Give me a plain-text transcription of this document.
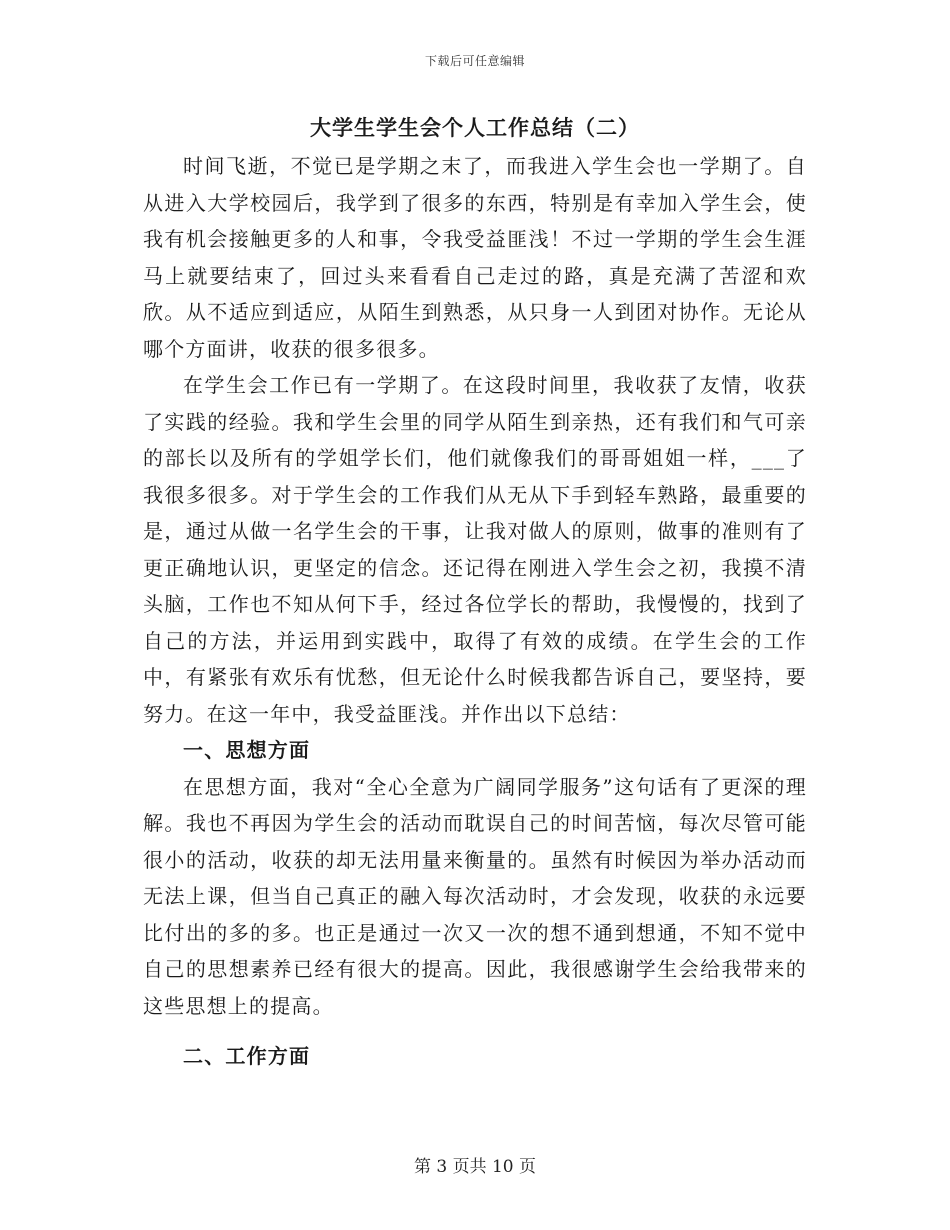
下载后可任意编辑
大学生学生会个人工作总结（二）

时间飞逝，不觉已是学期之末了，而我进入学生会也一学期了。自从进入大学校园后，我学到了很多的东西，特别是有幸加入学生会，使我有机会接触更多的人和事，令我受益匪浅！不过一学期的学生会生涯马上就要结束了，回过头来看看自己走过的路，真是充满了苦涩和欢欣。从不适应到适应，从陌生到熟悉，从只身一人到团对协作。无论从哪个方面讲，收获的很多很多。

在学生会工作已有一学期了。在这段时间里，我收获了友情，收获了实践的经验。我和学生会里的同学从陌生到亲热，还有我们和气可亲的部长以及所有的学姐学长们，他们就像我们的哥哥姐姐一样，___了我很多很多。对于学生会的工作我们从无从下手到轻车熟路，最重要的是，通过从做一名学生会的干事，让我对做人的原则，做事的准则有了更正确地认识，更坚定的信念。还记得在刚进入学生会之初，我摸不清头脑，工作也不知从何下手，经过各位学长的帮助，我慢慢的，找到了自己的方法，并运用到实践中，取得了有效的成绩。在学生会的工作中，有紧张有欢乐有忧愁，但无论什么时候我都告诉自己，要坚持，要努力。在这一年中，我受益匪浅。并作出以下总结：

一、思想方面

在思想方面，我对“全心全意为广阔同学服务”这句话有了更深的理解。我也不再因为学生会的活动而耽误自己的时间苦恼，每次尽管可能很小的活动，收获的却无法用量来衡量的。虽然有时候因为举办活动而无法上课，但当自己真正的融入每次活动时，才会发现，收获的永远要比付出的多的多。也正是通过一次又一次的想不通到想通，不知不觉中自己的思想素养已经有很大的提高。因此，我很感谢学生会给我带来的这些思想上的提高。

二、工作方面
第 3 页共 10 页
